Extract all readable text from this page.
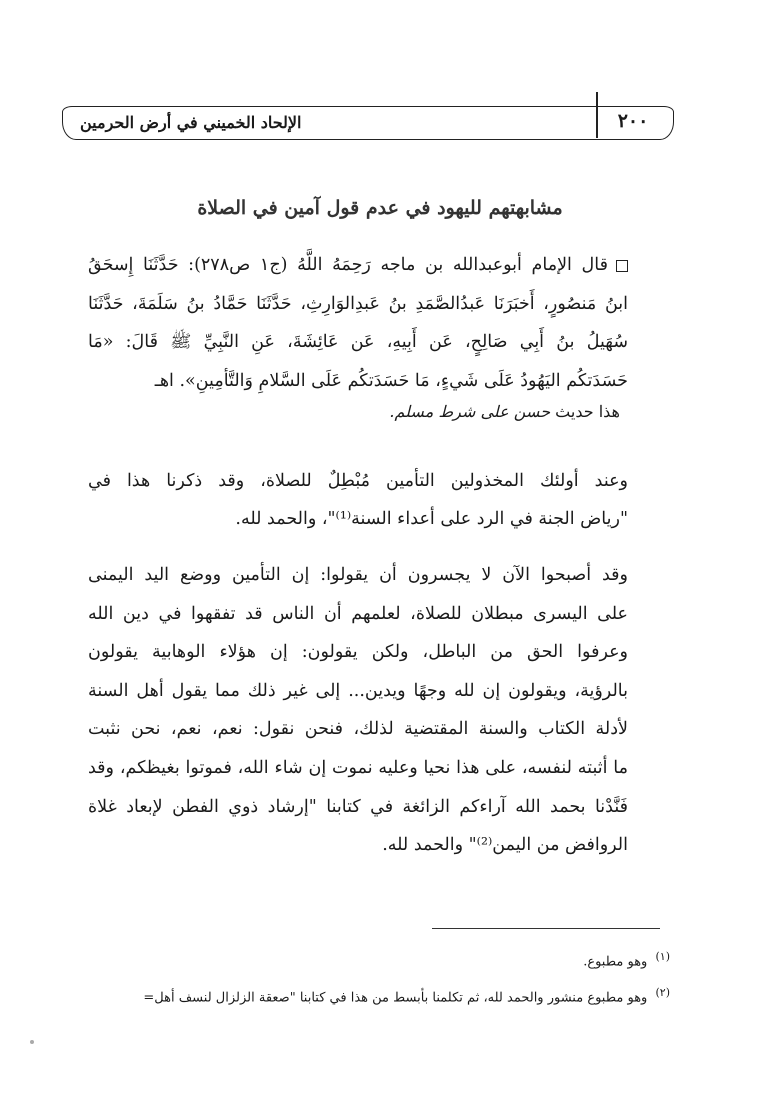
٢٠٠
الإلحاد الخميني في أرض الحرمين
مشابهتهم لليهود في عدم قول آمين في الصلاة
قال الإمام أبوعبدالله بن ماجه رَحِمَهُ اللَّهُ (ج١ ص٢٧٨): حَدَّثَنَا إِسحَقُ
ابنُ مَنصُورٍ، أَخبَرَنَا عَبدُالصَّمَدِ بنُ عَبدِالوَارِثِ، حَدَّثَنَا حَمَّادُ بنُ سَلَمَةَ، حَدَّثَنَا
سُهَيلُ بنُ أَبِي صَالِحٍ، عَن أَبِيهِ، عَن عَائِشَةَ، عَنِ النَّبِيِّ ﷺ قَالَ: «مَا
حَسَدَتكُم اليَهُودُ عَلَى شَيءٍ، مَا حَسَدَتكُم عَلَى السَّلامِ وَالتَّأمِينِ». اهـ
هذا حديث حسن على شرط مسلم.
وعند أولئك المخذولين التأمين مُبْطِلٌ للصلاة، وقد ذكرنا هذا في
"رياض الجنة في الرد على أعداء السنة⁽¹⁾"، والحمد لله.
وقد أصبحوا الآن لا يجسرون أن يقولوا: إن التأمين ووضع اليد اليمنى
على اليسرى مبطلان للصلاة، لعلمهم أن الناس قد تفقهوا في دين الله
وعرفوا الحق من الباطل، ولكن يقولون: إن هؤلاء الوهابية يقولون
بالرؤية، ويقولون إن لله وجهًا ويدين... إلى غير ذلك مما يقول أهل السنة
لأدلة الكتاب والسنة المقتضية لذلك، فنحن نقول: نعم، نعم، نحن نثبت
ما أثبته لنفسه، على هذا نحيا وعليه نموت إن شاء الله، فموتوا بغيظكم، وقد
فَنَّدْنا بحمد الله آراءكم الزائغة في كتابنا "إرشاد ذوي الفطن لإبعاد غلاة
الروافض من اليمن⁽²⁾" والحمد لله.
$^{(١)}$ وهو مطبوع.
$^{(٢)}$ وهو مطبوع منشور والحمد لله، ثم تكلمنا بأبسط من هذا في كتابنا "صعقة الزلزال لنسف أهل=
